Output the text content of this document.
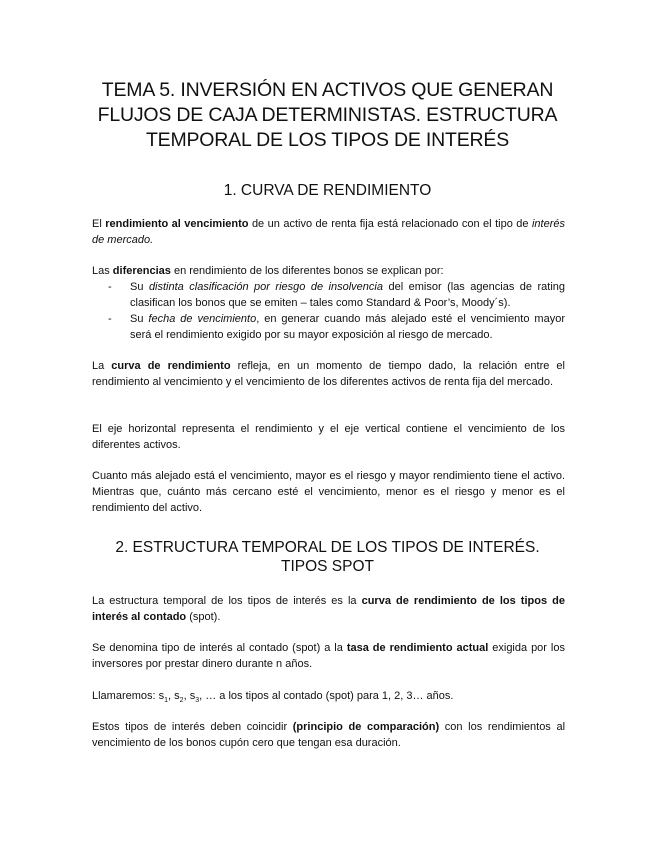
TEMA 5. INVERSIÓN EN ACTIVOS QUE GENERAN
FLUJOS DE CAJA DETERMINISTAS. ESTRUCTURA
TEMPORAL DE LOS TIPOS DE INTERÉS
1. CURVA DE RENDIMIENTO

El rendimiento al vencimiento de un activo de renta fija está relacionado con el tipo de interés de mercado.

Las diferencias en rendimiento de los diferentes bonos se explican por:

- Su distinta clasificación por riesgo de insolvencia del emisor (las agencias de rating clasifican los bonos que se emiten – tales como Standard & Poor’s, Moody´s).
- Su fecha de vencimiento, en generar cuando más alejado esté el vencimiento mayor será el rendimiento exigido por su mayor exposición al riesgo de mercado.

La curva de rendimiento refleja, en un momento de tiempo dado, la relación entre el rendimiento al vencimiento y el vencimiento de los diferentes activos de renta fija del mercado.

El eje horizontal representa el rendimiento y el eje vertical contiene el vencimiento de los diferentes activos.

Cuanto más alejado está el vencimiento, mayor es el riesgo y mayor rendimiento tiene el activo. Mientras que, cuánto más cercano esté el vencimiento, menor es el riesgo y menor es el rendimiento del activo.

2. ESTRUCTURA TEMPORAL DE LOS TIPOS DE INTERÉS.
TIPOS SPOT

La estructura temporal de los tipos de interés es la curva de rendimiento de los tipos de interés al contado (spot).

Se denomina tipo de interés al contado (spot) a la tasa de rendimiento actual exigida por los inversores por prestar dinero durante n años.

Llamaremos: $s_1$, $s_2$, $s_3$, … a los tipos al contado (spot) para 1, 2, 3… años.

Estos tipos de interés deben coincidir (principio de comparación) con los rendimientos al vencimiento de los bonos cupón cero que tengan esa duración.
